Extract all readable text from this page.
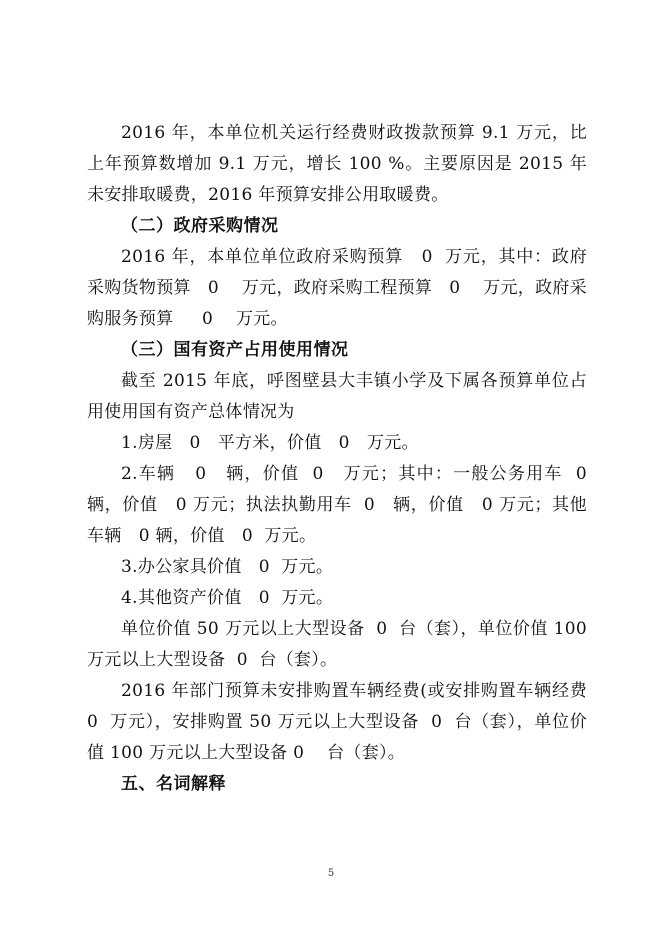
2016 年，本单位机关运行经费财政拨款预算 9.1 万元，比上年预算数增加 9.1 万元，增长 100 %。主要原因是 2015 年未安排取暖费，2016 年预算安排公用取暖费。

（二）政府采购情况

2016 年，本单位单位政府采购预算   0  万元，其中：政府采购货物预算   0    万元，政府采购工程预算   0    万元，政府采购服务预算     0    万元。

（三）国有资产占用使用情况

截至 2015 年底，呼图壁县大丰镇小学及下属各预算单位占用使用国有资产总体情况为

1.房屋   0   平方米，价值   0   万元。

2.车辆   0   辆，价值  0   万元；其中：一般公务用车  0   辆，价值   0 万元；执法执勤用车  0   辆，价值   0 万元；其他车辆   0 辆，价值   0  万元。

3.办公家具价值   0  万元。

4.其他资产价值   0  万元。

单位价值 50 万元以上大型设备  0  台（套），单位价值 100 万元以上大型设备  0  台（套）。

2016 年部门预算未安排购置车辆经费(或安排购置车辆经费 0  万元），安排购置 50 万元以上大型设备  0  台（套），单位价值 100 万元以上大型设备 0    台（套）。

五、名词解释

5
